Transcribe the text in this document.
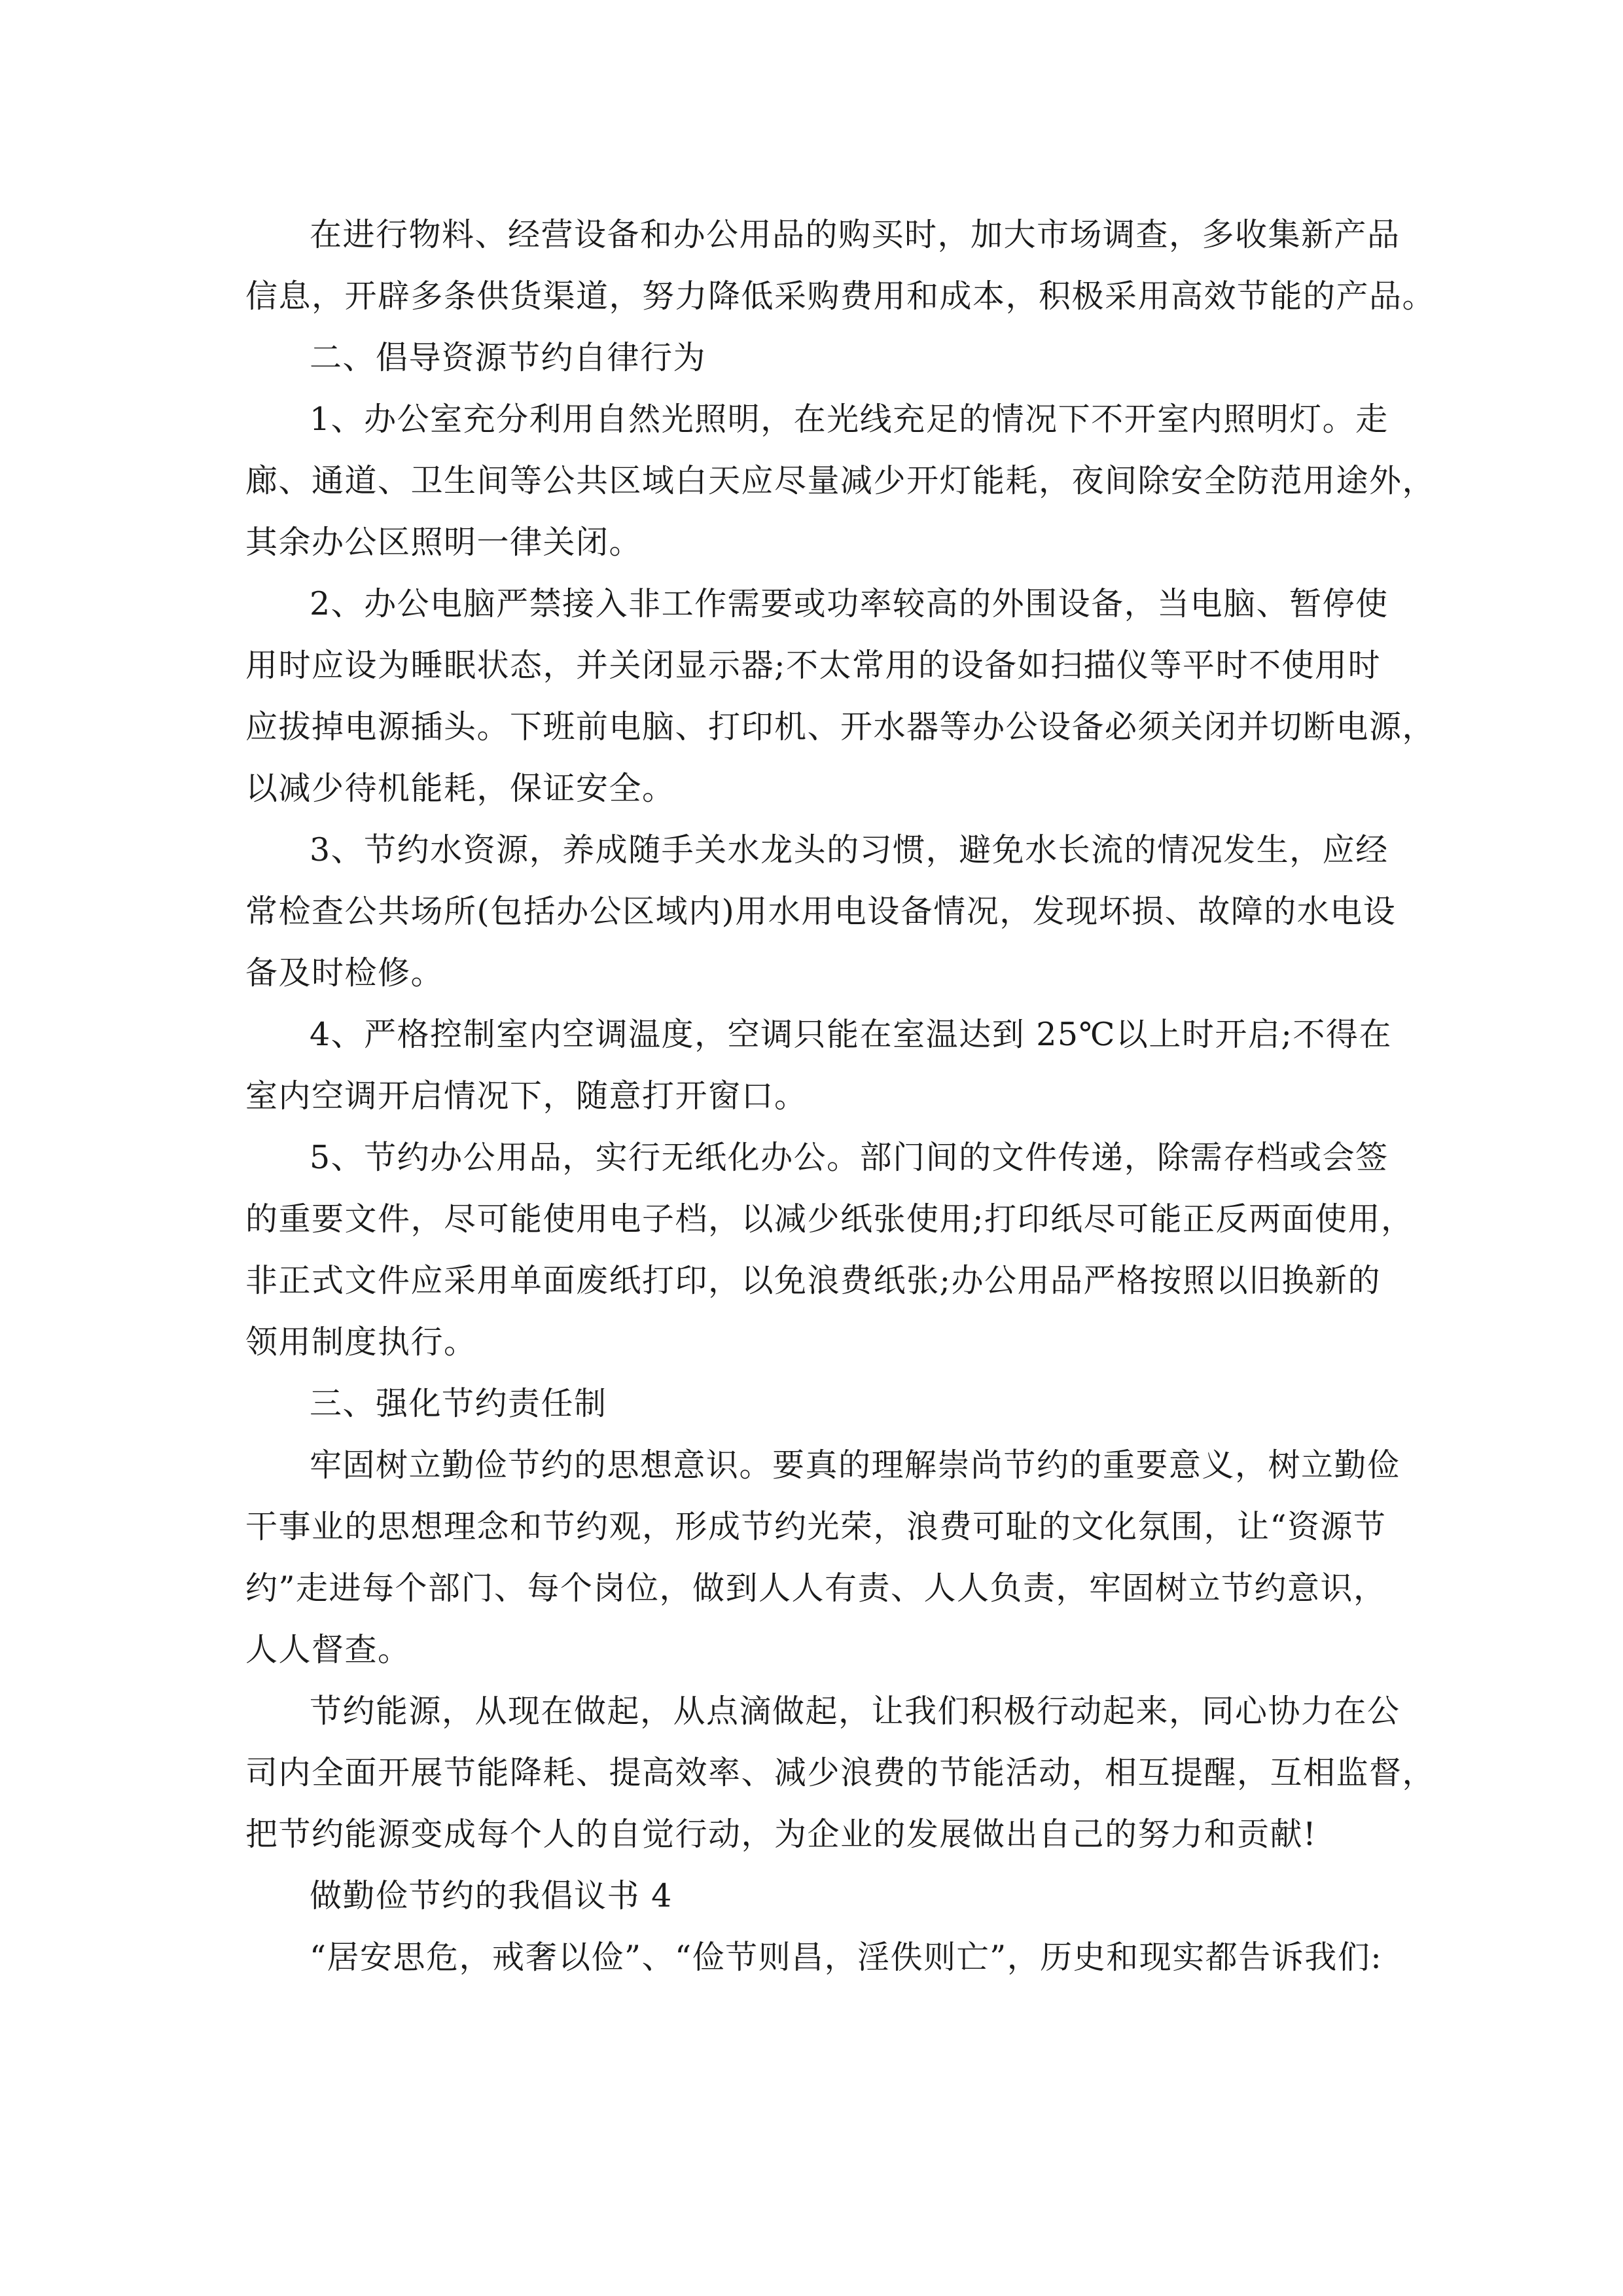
在进行物料、经营设备和办公用品的购买时，加大市场调查，多收集新产品
信息，开辟多条供货渠道，努力降低采购费用和成本，积极采用高效节能的产品。
二、倡导资源节约自律行为
1、办公室充分利用自然光照明，在光线充足的情况下不开室内照明灯。走
廊、通道、卫生间等公共区域白天应尽量减少开灯能耗，夜间除安全防范用途外，
其余办公区照明一律关闭。
2、办公电脑严禁接入非工作需要或功率较高的外围设备，当电脑、暂停使
用时应设为睡眠状态，并关闭显示器;不太常用的设备如扫描仪等平时不使用时
应拔掉电源插头。下班前电脑、打印机、开水器等办公设备必须关闭并切断电源，
以减少待机能耗，保证安全。
3、节约水资源，养成随手关水龙头的习惯，避免水长流的情况发生，应经
常检查公共场所(包括办公区域内)用水用电设备情况，发现坏损、故障的水电设
备及时检修。
4、严格控制室内空调温度，空调只能在室温达到 25℃以上时开启;不得在
室内空调开启情况下，随意打开窗口。
5、节约办公用品，实行无纸化办公。部门间的文件传递，除需存档或会签
的重要文件，尽可能使用电子档，以减少纸张使用;打印纸尽可能正反两面使用，
非正式文件应采用单面废纸打印，以免浪费纸张;办公用品严格按照以旧换新的
领用制度执行。
三、强化节约责任制
牢固树立勤俭节约的思想意识。要真的理解崇尚节约的重要意义，树立勤俭
干事业的思想理念和节约观，形成节约光荣，浪费可耻的文化氛围，让“资源节
约”走进每个部门、每个岗位，做到人人有责、人人负责，牢固树立节约意识，
人人督查。
节约能源，从现在做起，从点滴做起，让我们积极行动起来，同心协力在公
司内全面开展节能降耗、提高效率、减少浪费的节能活动，相互提醒，互相监督，
把节约能源变成每个人的自觉行动，为企业的发展做出自己的努力和贡献!
做勤俭节约的我倡议书 4
“居安思危，戒奢以俭”、“俭节则昌，淫佚则亡”，历史和现实都告诉我们:
